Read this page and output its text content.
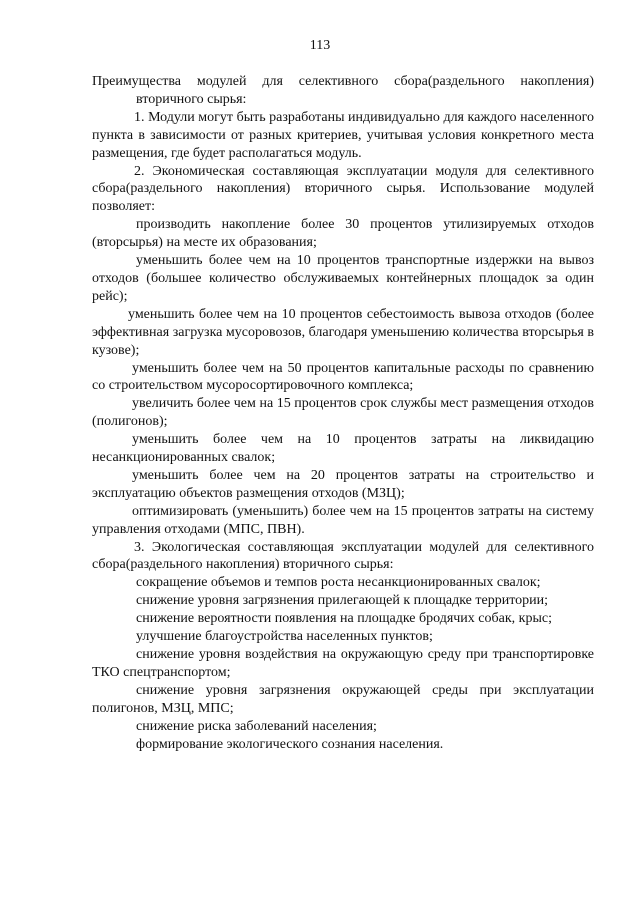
113

Преимущества модулей для селективного сбора(раздельного накопления) вторичного сырья:

1. Модули могут быть разработаны индивидуально для каждого населенного пункта в зависимости от разных критериев, учитывая условия конкретного места размещения, где будет располагаться модуль.

2. Экономическая составляющая эксплуатации модуля для селективного сбора(раздельного накопления) вторичного сырья. Использование модулей позволяет:

производить накопление более 30 процентов утилизируемых отходов (вторсырья) на месте их образования;

уменьшить более чем на 10 процентов транспортные издержки на вывоз отходов (большее количество обслуживаемых контейнерных площадок за один рейс);

уменьшить более чем на 10 процентов себестоимость вывоза отходов (более эффективная загрузка мусоровозов, благодаря уменьшению количества вторсырья в кузове);

уменьшить более чем на 50 процентов капитальные расходы по сравнению со строительством мусоросортировочного комплекса;

увеличить более чем на 15 процентов срок службы мест размещения отходов (полигонов);

уменьшить более чем на 10 процентов затраты на ликвидацию несанкционированных свалок;

уменьшить более чем на 20 процентов затраты на строительство и эксплуатацию объектов размещения отходов (МЗЦ);

оптимизировать (уменьшить) более чем на 15 процентов затраты на систему управления отходами (МПС, ПВН).

3. Экологическая составляющая эксплуатации модулей для селективного сбора(раздельного накопления) вторичного сырья:

сокращение объемов и темпов роста несанкционированных свалок;

снижение уровня загрязнения прилегающей к площадке территории;

снижение вероятности появления на площадке бродячих собак, крыс;

улучшение благоустройства населенных пунктов;

снижение уровня воздействия на окружающую среду при транспортировке ТКО спецтранспортом;

снижение уровня загрязнения окружающей среды при эксплуатации полигонов, МЗЦ, МПС;

снижение риска заболеваний населения;

формирование экологического сознания населения.
